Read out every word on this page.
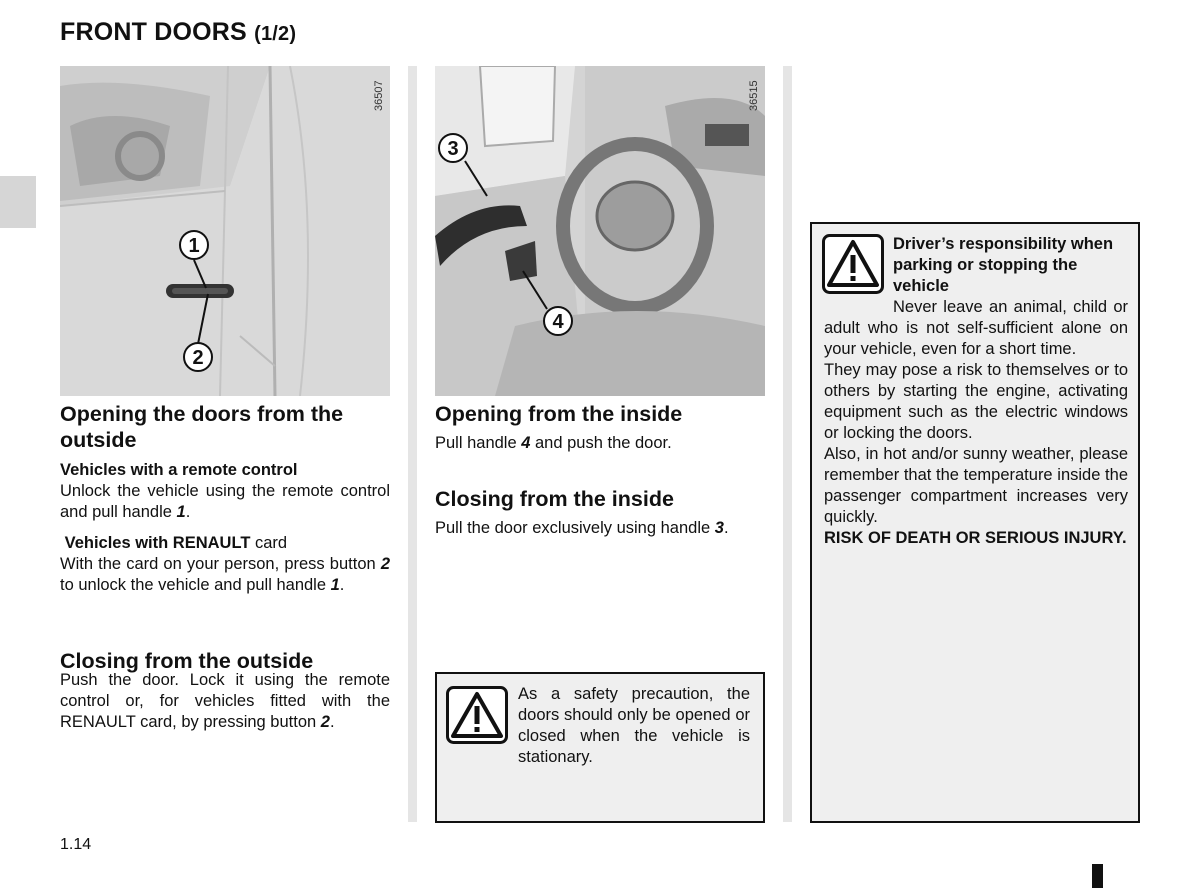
FRONT DOORS (1/2)
1
2
36507
3
4
36515
Opening the doors from the outside

Vehicles with a remote control

Unlock the vehicle using the remote control and pull handle 1.

Vehicles with RENAULT card

With the card on your person, press button 2 to unlock the vehicle and pull handle 1.

Closing from the outside

Push the door. Lock it using the remote control or, for vehicles fitted with the RENAULT card, by pressing button 2.

Opening from the inside

Pull handle 4 and push the door.

Closing from the inside

Pull the door exclusively using handle 3.

As a safety precaution, the doors should only be opened or closed when the vehicle is stationary.

Driver’s responsibility when parking or stopping the vehicle

Never leave an animal, child or adult who is not self-sufficient alone on your vehicle, even for a short time.

They may pose a risk to themselves or to others by starting the engine, activating equipment such as the electric windows or locking the doors.

Also, in hot and/or sunny weather, please remember that the temperature inside the passenger compartment increases very quickly.

RISK OF DEATH OR SERIOUS INJURY.

1.14
